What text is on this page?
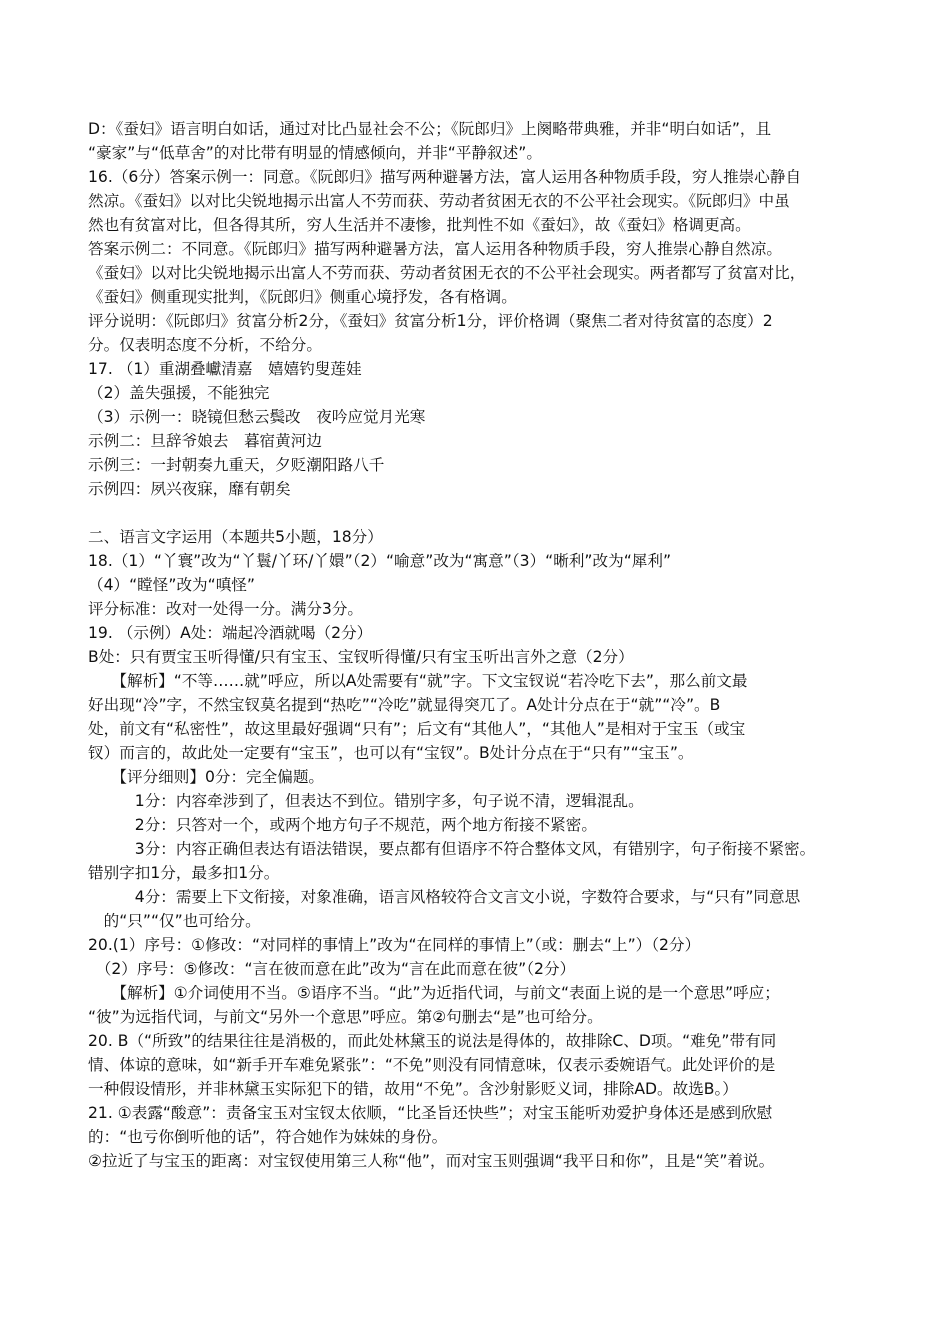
D：《蚕妇》语言明白如话，通过对比凸显社会不公；《阮郎归》上阕略带典雅，并非“明白如话”，且
“豪家”与“低草舍”的对比带有明显的情感倾向，并非“平静叙述”。
16.（6分）答案示例一：同意。《阮郎归》描写两种避暑方法，富人运用各种物质手段，穷人推崇心静自
然凉。《蚕妇》以对比尖锐地揭示出富人不劳而获、劳动者贫困无衣的不公平社会现实。《阮郎归》中虽
然也有贫富对比，但各得其所，穷人生活并不凄惨，批判性不如《蚕妇》，故《蚕妇》格调更高。
答案示例二：不同意。《阮郎归》描写两种避暑方法，富人运用各种物质手段，穷人推崇心静自然凉。
《蚕妇》以对比尖锐地揭示出富人不劳而获、劳动者贫困无衣的不公平社会现实。两者都写了贫富对比，
《蚕妇》侧重现实批判，《阮郎归》侧重心境抒发，各有格调。
评分说明：《阮郎归》贫富分析2分，《蚕妇》贫富分析1分，评价格调（聚焦二者对待贫富的态度）2
分。仅表明态度不分析，不给分。
17. （1）重湖叠巘清嘉　嬉嬉钓叟莲娃
（2）盖失强援，不能独完
（3）示例一：晓镜但愁云鬓改　夜吟应觉月光寒
示例二：旦辞爷娘去　暮宿黄河边
示例三：一封朝奏九重天，夕贬潮阳路八千
示例四：夙兴夜寐，靡有朝矣
二、语言文字运用（本题共5小题，18分）
18.（1）“丫寰”改为“丫鬟/丫环/丫嬛”（2）“喻意”改为“寓意”（3）“晰利”改为“犀利”
（4）“瞠怪”改为“嗔怪”
评分标准：改对一处得一分。满分3分。
19. （示例）A处：端起冷酒就喝（2分）
B处：只有贾宝玉听得懂/只有宝玉、宝钗听得懂/只有宝玉听出言外之意（2分）
　　【解析】“不等……就”呼应，所以A处需要有“就”字。下文宝钗说“若冷吃下去”，那么前文最
好出现“冷”字，不然宝钗莫名提到“热吃”“冷吃”就显得突兀了。A处计分点在于“就”“冷”。B
处，前文有“私密性”，故这里最好强调“只有”；后文有“其他人”，“其他人”是相对于宝玉（或宝
钗）而言的，故此处一定要有“宝玉”，也可以有“宝钗”。B处计分点在于“只有”“宝玉”。
　　【评分细则】0分：完全偏题。
　　　1分：内容牵涉到了，但表达不到位。错别字多，句子说不清，逻辑混乱。
　　　2分：只答对一个，或两个地方句子不规范，两个地方衔接不紧密。
　　　3分：内容正确但表达有语法错误，要点都有但语序不符合整体文风，有错别字，句子衔接不紧密。
错别字扣1分，最多扣1分。
　　　4分：需要上下文衔接，对象准确，语言风格较符合文言文小说，字数符合要求，与“只有”同意思
　的“只”“仅”也可给分。
20.(1）序号：①修改：“对同样的事情上”改为“在同样的事情上”（或：删去“上”）（2分）
　（2）序号：⑤修改：“言在彼而意在此”改为“言在此而意在彼”（2分）
　　【解析】①介词使用不当。⑤语序不当。“此”为近指代词，与前文“表面上说的是一个意思”呼应；
“彼”为远指代词，与前文“另外一个意思”呼应。第②句删去“是”也可给分。
20. B（“所致”的结果往往是消极的，而此处林黛玉的说法是得体的，故排除C、D项。“难免”带有同
情、体谅的意味，如“新手开车难免紧张”：“不免”则没有同情意味，仅表示委婉语气。此处评价的是
一种假设情形，并非林黛玉实际犯下的错，故用“不免”。含沙射影贬义词，排除AD。故选B。）
21. ①表露“酸意”：责备宝玉对宝钗太依顺，“比圣旨还快些”；对宝玉能听劝爱护身体还是感到欣慰
的：“也亏你倒听他的话”，符合她作为妹妹的身份。
②拉近了与宝玉的距离：对宝钗使用第三人称“他”，而对宝玉则强调“我平日和你”，且是“笑”着说。
